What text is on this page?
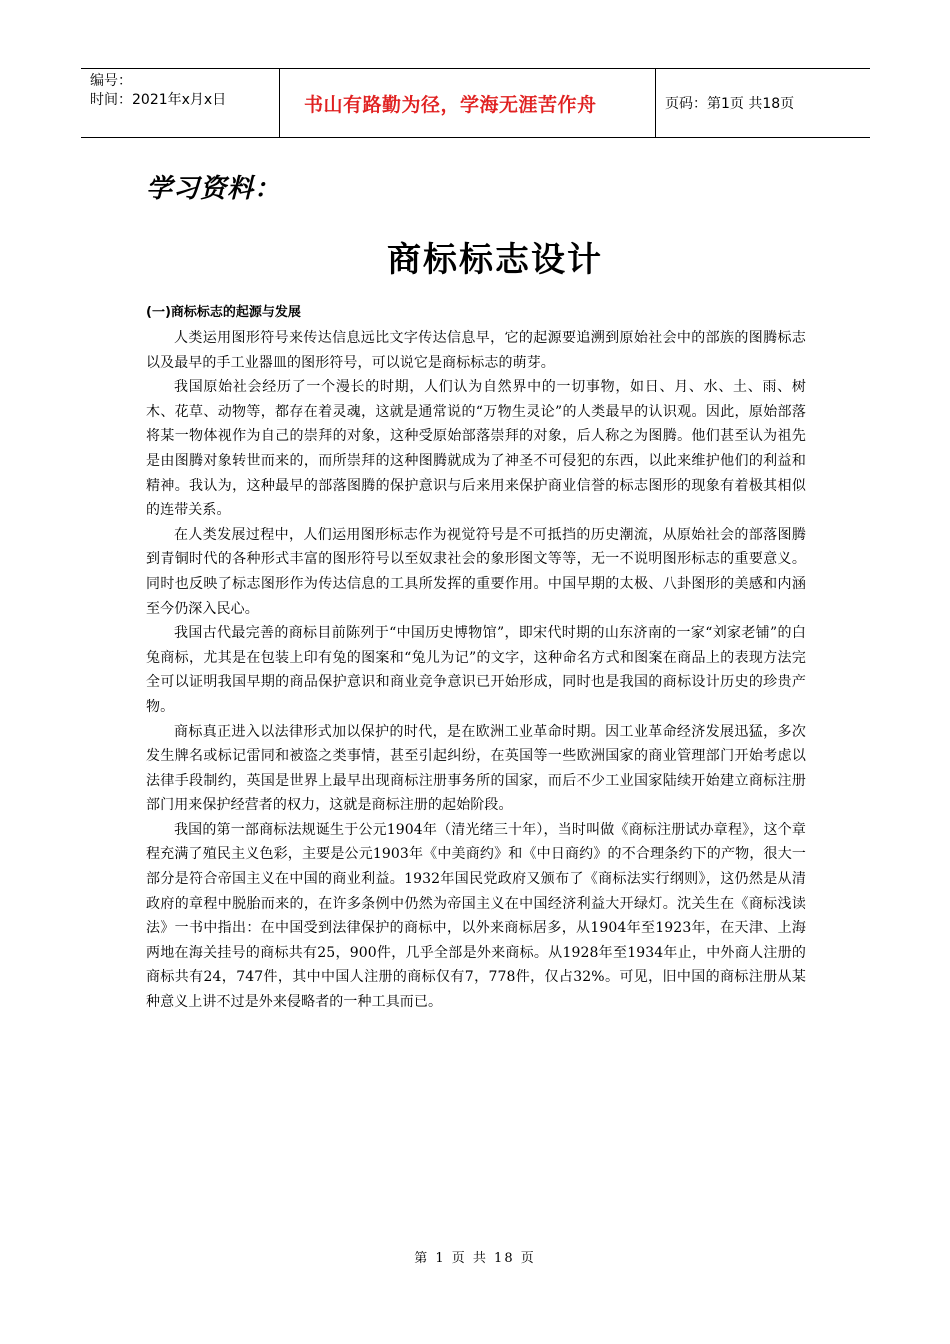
编号：
时间：2021年x月x日	书山有路勤为径，学海无涯苦作舟	页码：第1页 共18页
学习资料：
商标标志设计

(一)商标标志的起源与发展

人类运用图形符号来传达信息远比文字传达信息早，它的起源要追溯到原始社会中的部族的图腾标志以及最早的手工业器皿的图形符号，可以说它是商标标志的萌芽。

我国原始社会经历了一个漫长的时期，人们认为自然界中的一切事物，如日、月、水、土、雨、树木、花草、动物等，都存在着灵魂，这就是通常说的“万物生灵论”的人类最早的认识观。因此，原始部落将某一物体视作为自己的崇拜的对象，这种受原始部落崇拜的对象，后人称之为图腾。他们甚至认为祖先是由图腾对象转世而来的，而所崇拜的这种图腾就成为了神圣不可侵犯的东西，以此来维护他们的利益和精神。我认为，这种最早的部落图腾的保护意识与后来用来保护商业信誉的标志图形的现象有着极其相似的连带关系。

在人类发展过程中，人们运用图形标志作为视觉符号是不可抵挡的历史潮流，从原始社会的部落图腾到青铜时代的各种形式丰富的图形符号以至奴隶社会的象形图文等等，无一不说明图形标志的重要意义。同时也反映了标志图形作为传达信息的工具所发挥的重要作用。中国早期的太极、八卦图形的美感和内涵至今仍深入民心。

我国古代最完善的商标目前陈列于“中国历史博物馆”，即宋代时期的山东济南的一家“刘家老铺”的白兔商标，尤其是在包装上印有兔的图案和“兔儿为记”的文字，这种命名方式和图案在商品上的表现方法完全可以证明我国早期的商品保护意识和商业竞争意识已开始形成，同时也是我国的商标设计历史的珍贵产物。

商标真正进入以法律形式加以保护的时代，是在欧洲工业革命时期。因工业革命经济发展迅猛，多次发生牌名或标记雷同和被盗之类事情，甚至引起纠纷，在英国等一些欧洲国家的商业管理部门开始考虑以法律手段制约，英国是世界上最早出现商标注册事务所的国家，而后不少工业国家陆续开始建立商标注册部门用来保护经营者的权力，这就是商标注册的起始阶段。

我国的第一部商标法规诞生于公元1904年（清光绪三十年），当时叫做《商标注册试办章程》，这个章程充满了殖民主义色彩，主要是公元1903年《中美商约》和《中日商约》的不合理条约下的产物，很大一部分是符合帝国主义在中国的商业利益。1932年国民党政府又颁布了《商标法实行纲则》，这仍然是从清政府的章程中脱胎而来的，在许多条例中仍然为帝国主义在中国经济利益大开绿灯。沈关生在《商标浅读法》一书中指出：在中国受到法律保护的商标中，以外来商标居多，从1904年至1923年，在天津、上海两地在海关挂号的商标共有25，900件，几乎全部是外来商标。从1928年至1934年止，中外商人注册的商标共有24，747件，其中中国人注册的商标仅有7，778件，仅占32%。可见，旧中国的商标注册从某种意义上讲不过是外来侵略者的一种工具而已。

第 1 页 共 18 页
